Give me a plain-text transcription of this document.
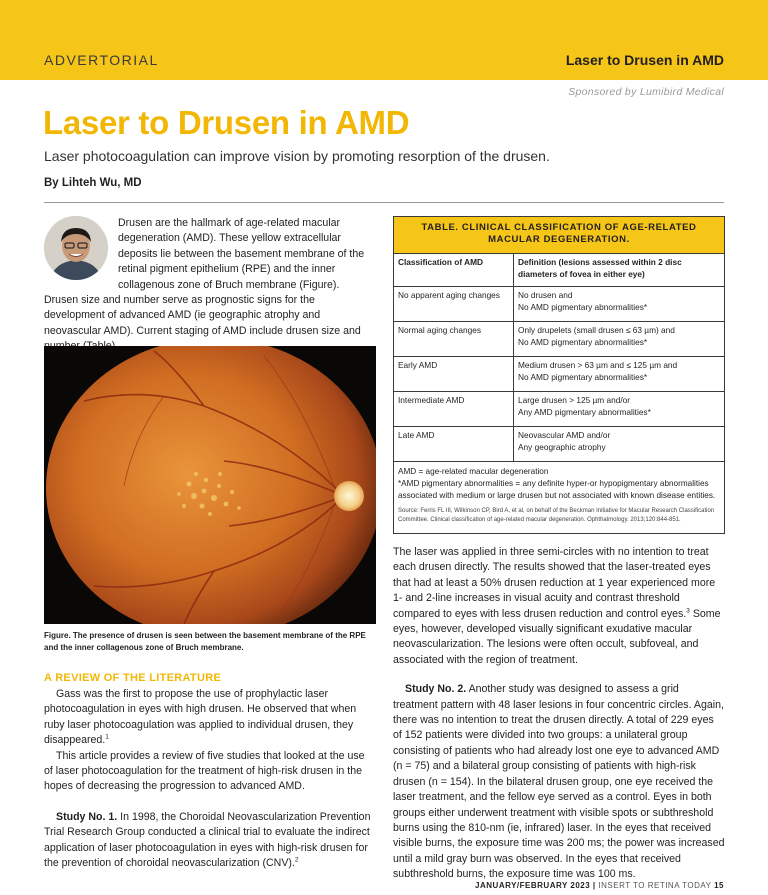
ADVERTORIAL	Laser to Drusen in AMD
Sponsored by Lumibird Medical
Laser to Drusen in AMD
Laser photocoagulation can improve vision by promoting resorption of the drusen.
By Lihteh Wu, MD
Drusen are the hallmark of age-related macular degeneration (AMD). These yellow extracellular deposits lie between the basement membrane of the retinal pigment epithelium (RPE) and the inner collagenous zone of Bruch membrane (Figure). Drusen size and number serve as prognostic signs for the development of advanced AMD (ie geographic atrophy and neovascular AMD). Current staging of AMD include drusen size and
Figure. The presence of drusen is seen between the basement membrane of the RPE and the inner collagenous zone of Bruch membrane.
A REVIEW OF THE LITERATURE

Gass was the first to propose the use of prophylactic laser photocoagulation in eyes with high drusen. He observed that when ruby laser photocoagulation was applied to individual drusen, they disappeared.$^1$

This article provides a review of five studies that looked at the use of laser photocoagulation for the treatment of high-risk drusen in the hopes of decreasing the progression to advanced AMD.

Study No. 1. In 1998, the Choroidal Neovascularization Prevention Trial Research Group conducted a clinical trial to evaluate the indirect application of laser photocoagulation in eyes with high-risk drusen for the prevention of choroidal neovascularization (CNV).$^2$

TABLE. CLINICAL CLASSIFICATION OF AGE-RELATED
MACULAR DEGENERATION.
Classification of AMD	Definition (lesions assessed within 2 disc diameters of fovea in either eye)
No apparent aging changes	No drusen and
No AMD pigmentary abnormalities*
Normal aging changes	Only drupelets (small drusen ≤ 63 µm) and
No AMD pigmentary abnormalities*
Early AMD	Medium drusen > 63 µm and ≤ 125 µm and
No AMD pigmentary abnormalities*
Intermediate AMD	Large drusen > 125 µm and/or
Any AMD pigmentary abnormalities*
Late AMD	Neovascular AMD and/or
Any geographic atrophy
AMD = age-related macular degeneration
*AMD pigmentary abnormalities = any definite hyper-or hypopigmentary abnormalities associated with medium or large drusen but not associated with known disease entities.
Source: Ferris FL III, Wilkinson CP, Bird A, et al, on behalf of the Beckman Initiative for Macular Research Classification Committee. Clinical classification of age-related macular degeneration. Ophthalmology. 2013;120:844-851.

The laser was applied in three semi-circles with no intention to treat each drusen directly. The results showed that the laser-treated eyes that had at least a 50% drusen reduction at 1 year experienced more 1- and 2-line increases in visual acuity and contrast threshold compared to eyes with less drusen reduction and control eyes.$^3$ Some eyes, however, developed visually significant exudative macular neovascularization. The lesions were often occult, subfoveal, and associated with the region of treatment.

Study No. 2. Another study was designed to assess a grid treatment pattern with 48 laser lesions in four concentric circles. Again, there was no intention to treat the drusen directly. A total of 229 eyes of 152 patients were divided into two groups: a unilateral group consisting of patients who had already lost one eye to advanced AMD (n = 75) and a bilateral group consisting of patients with high-risk drusen (n = 154). In the bilateral drusen group, one eye received the laser treatment, and the fellow eye served as a control. Eyes in both groups either underwent treatment with visible spots or subthreshold burns using the 810-nm (ie, infrared) laser. In the eyes that received visible burns, the exposure time was 200 ms; the power was increased until a mild gray burn was observed. In the eyes that received subthreshold burns, the exposure time was 100 ms.

JANUARY/FEBRUARY 2023 | INSERT TO RETINA TODAY 15
